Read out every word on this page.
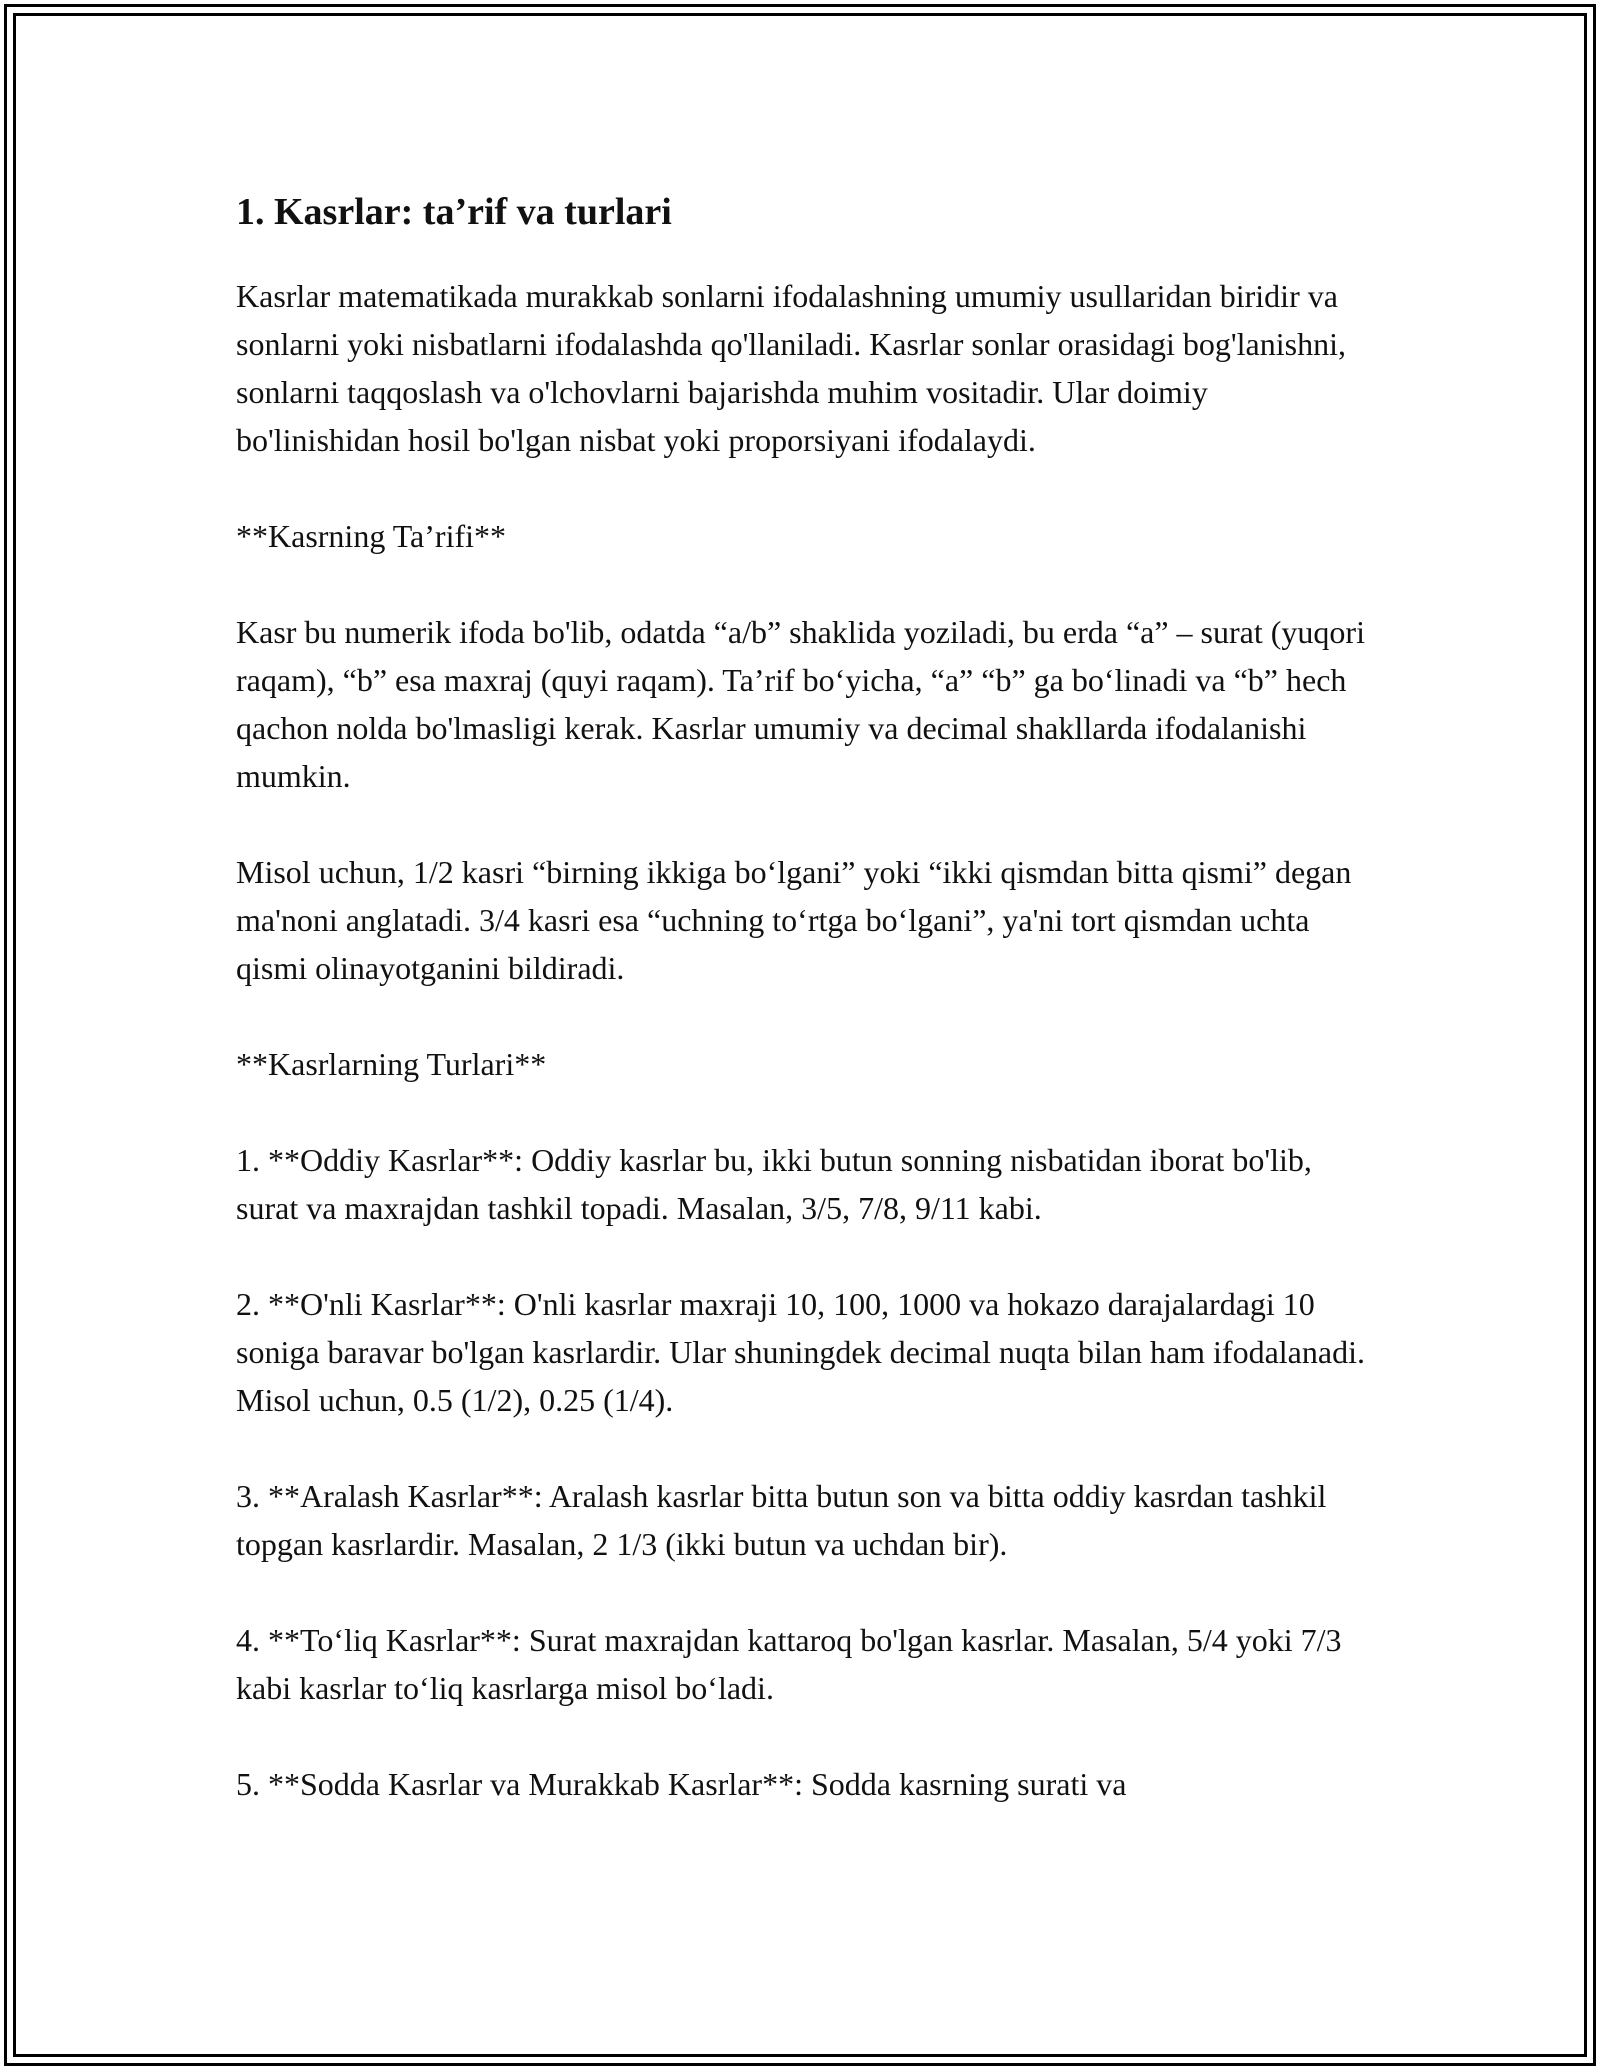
1. Kasrlar: ta’rif va turlari

Kasrlar matematikada murakkab sonlarni ifodalashning umumiy usullaridan biridir va sonlarni yoki nisbatlarni ifodalashda qo'llaniladi. Kasrlar sonlar orasidagi bog'lanishni, sonlarni taqqoslash va o'lchovlarni bajarishda muhim vositadir. Ular doimiy bo'linishidan hosil bo'lgan nisbat yoki proporsiyani ifodalaydi.

**Kasrning Ta’rifi**

Kasr bu numerik ifoda bo'lib, odatda “a/b” shaklida yoziladi, bu erda “a” – surat (yuqori raqam), “b” esa maxraj (quyi raqam). Ta’rif bo‘yicha, “a” “b” ga bo‘linadi va “b” hech qachon nolda bo'lmasligi kerak. Kasrlar umumiy va decimal shakllarda ifodalanishi mumkin.

Misol uchun, 1/2 kasri “birning ikkiga bo‘lgani” yoki “ikki qismdan bitta qismi” degan ma'noni anglatadi. 3/4 kasri esa “uchning to‘rtga bo‘lgani”, ya'ni tort qismdan uchta qismi olinayotganini bildiradi.

**Kasrlarning Turlari**

1. **Oddiy Kasrlar**: Oddiy kasrlar bu, ikki butun sonning nisbatidan iborat bo'lib, surat va maxrajdan tashkil topadi. Masalan, 3/5, 7/8, 9/11 kabi.

2. **O'nli Kasrlar**: O'nli kasrlar maxraji 10, 100, 1000 va hokazo darajalardagi 10 soniga baravar bo'lgan kasrlardir. Ular shuningdek decimal nuqta bilan ham ifodalanadi. Misol uchun, 0.5 (1/2), 0.25 (1/4).

3. **Aralash Kasrlar**: Aralash kasrlar bitta butun son va bitta oddiy kasrdan tashkil topgan kasrlardir. Masalan, 2 1/3 (ikki butun va uchdan bir).

4. **To‘liq Kasrlar**: Surat maxrajdan kattaroq bo'lgan kasrlar. Masalan, 5/4 yoki 7/3 kabi kasrlar to‘liq kasrlarga misol bo‘ladi.

5. **Sodda Kasrlar va Murakkab Kasrlar**: Sodda kasrning surati va
